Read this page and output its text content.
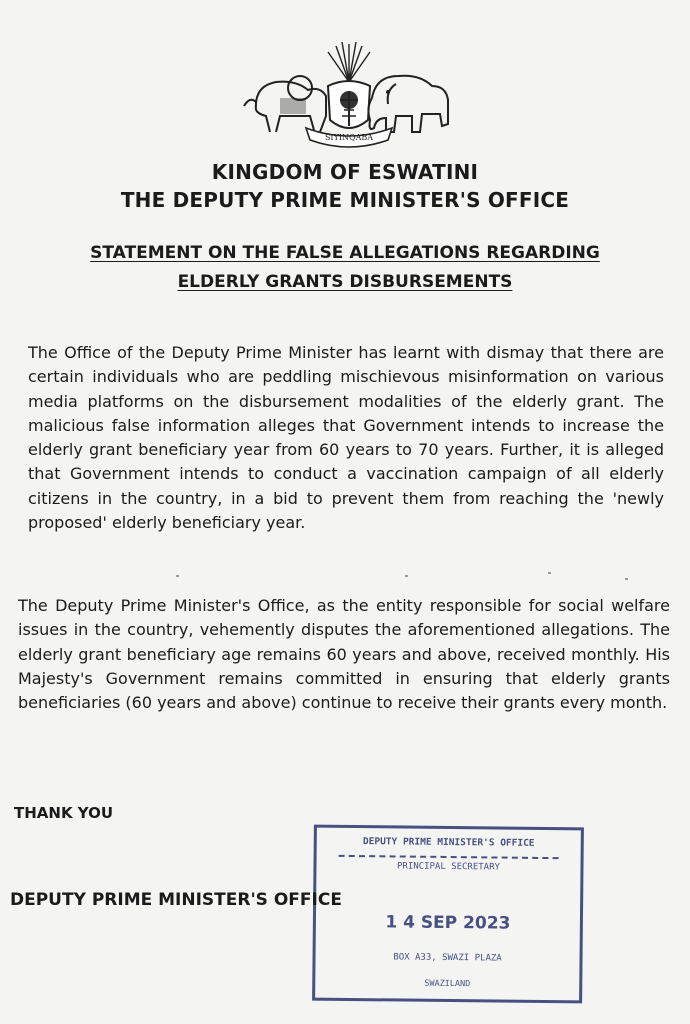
SIYINQABA
KINGDOM OF ESWATINI
THE DEPUTY PRIME MINISTER'S OFFICE
STATEMENT ON THE FALSE ALLEGATIONS REGARDING
ELDERLY GRANTS DISBURSEMENTS
The Office of the Deputy Prime Minister has learnt with dismay that there are certain individuals who are peddling mischievous misinformation on various media platforms on the disbursement modalities of the elderly grant. The malicious false information alleges that Government intends to increase the elderly grant beneficiary year from 60 years to 70 years. Further, it is alleged that Government intends to conduct a vaccination campaign of all elderly citizens in the country, in a bid to prevent them from reaching the 'newly proposed' elderly beneficiary year.
The Deputy Prime Minister's Office, as the entity responsible for social welfare issues in the country, vehemently disputes the aforementioned allegations. The elderly grant beneficiary age remains 60 years and above, received monthly. His Majesty's Government remains committed in ensuring that elderly grants beneficiaries (60 years and above) continue to receive their grants every month.
THANK YOU
DEPUTY PRIME MINISTER'S OFFICE
PRINCIPAL SECRETARY
1 4 SEP 2023
BOX A33, SWAZI PLAZA
SWAZILAND
DEPUTY PRIME MINISTER'S OFFICE
